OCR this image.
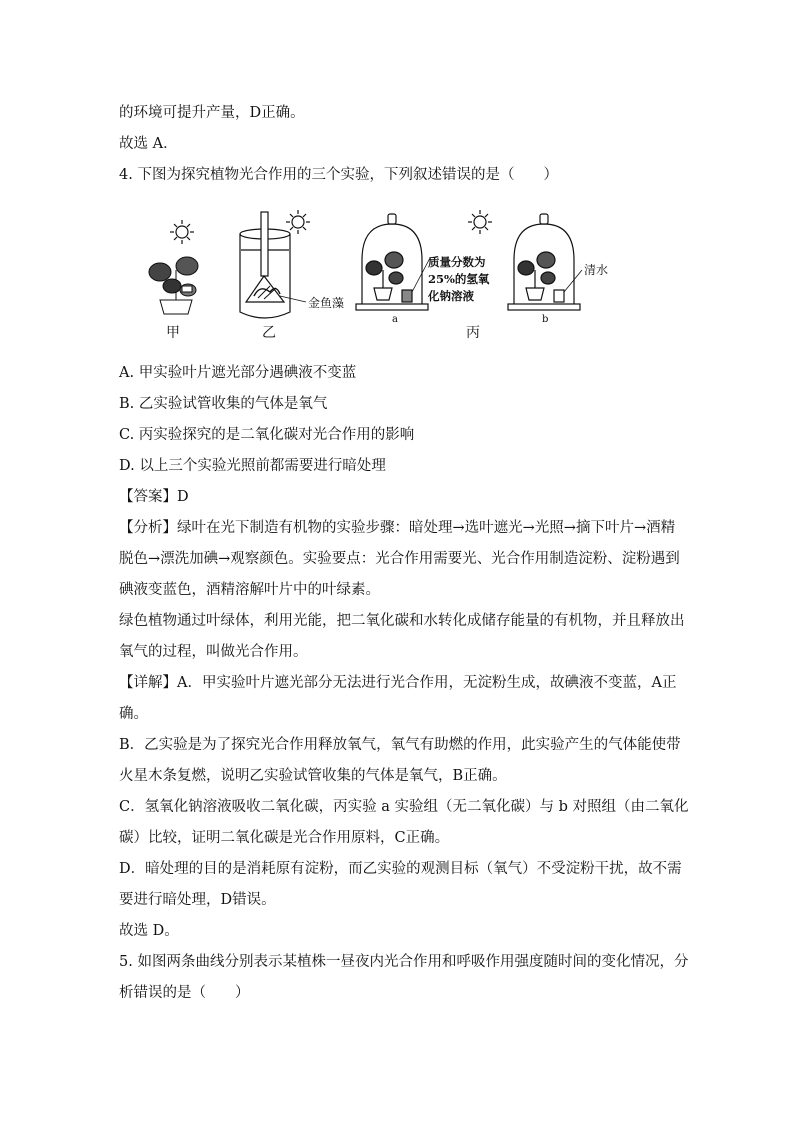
的环境可提升产量，D正确。
故选 A．
4. 下图为探究植物光合作用的三个实验，下列叙述错误的是（　　）
甲
金鱼藻
乙
质量分数为
25%的氢氧
化钠溶液
a
清水
b
丙
A. 甲实验叶片遮光部分遇碘液不变蓝
B. 乙实验试管收集的气体是氧气
C. 丙实验探究的是二氧化碳对光合作用的影响
D. 以上三个实验光照前都需要进行暗处理
【答案】D
【分析】绿叶在光下制造有机物的实验步骤：暗处理→选叶遮光→光照→摘下叶片→酒精
脱色→漂洗加碘→观察颜色。实验要点：光合作用需要光、光合作用制造淀粉、淀粉遇到
碘液变蓝色，酒精溶解叶片中的叶绿素。
绿色植物通过叶绿体，利用光能，把二氧化碳和水转化成储存能量的有机物，并且释放出
氧气的过程，叫做光合作用。
【详解】A．甲实验叶片遮光部分无法进行光合作用，无淀粉生成，故碘液不变蓝，A正
确。
B．乙实验是为了探究光合作用释放氧气，氧气有助燃的作用，此实验产生的气体能使带
火星木条复燃，说明乙实验试管收集的气体是氧气，B正确。
C．氢氧化钠溶液吸收二氧化碳，丙实验 a 实验组（无二氧化碳）与 b 对照组（由二氧化
碳）比较，证明二氧化碳是光合作用原料，C正确。
D．暗处理的目的是消耗原有淀粉，而乙实验的观测目标（氧气）不受淀粉干扰，故不需
要进行暗处理，D错误。
故选 D。
5. 如图两条曲线分别表示某植株一昼夜内光合作用和呼吸作用强度随时间的变化情况，分
析错误的是（　　）
